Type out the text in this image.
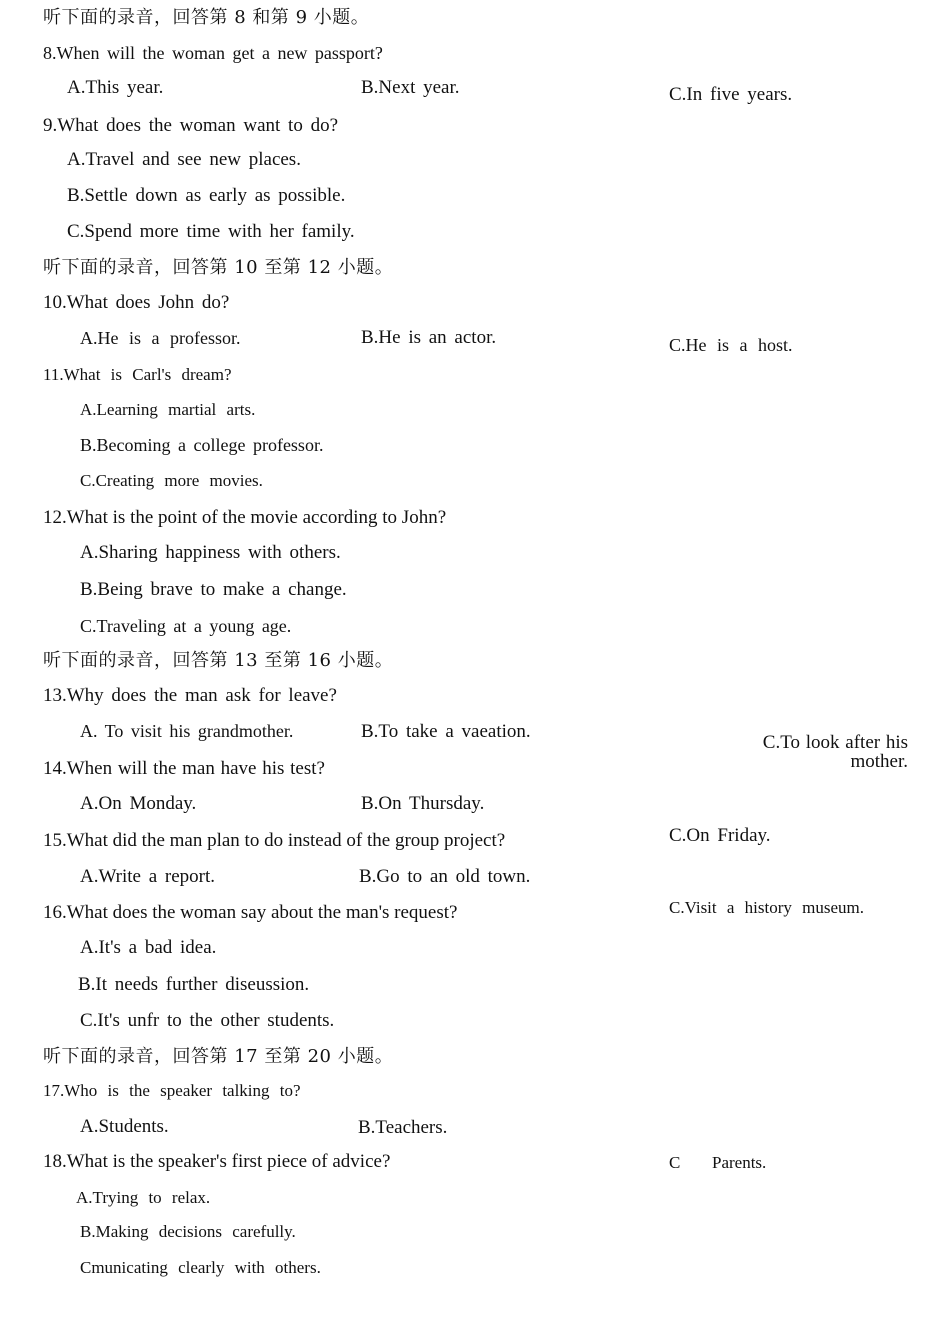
听下面的录音，回答第 8 和第 9 小题。
8.When will the woman get a new passport?
A.This year.	B.Next year.	C.In five years.
9.What does the woman want to do?
A.Travel and see new places.
B.Settle down as early as possible.
C.Spend more time with her family.
听下面的录音，回答第 10 至第 12 小题。
10.What does John do?
A.He is a professor.	B.He is an actor.	C.He is a host.
11.What is Carl's dream?
A.Learning martial arts.
B.Becoming a college professor.
C.Creating more movies.
12.What is the point of the movie according to John?
A.Sharing happiness with others.
B.Being brave to make a change.
C.Traveling at a young age.
听下面的录音，回答第 13 至第 16 小题。
13.Why does the man ask for leave?
A. To visit his grandmother.	B.To take a vaeation.
C.To look after his
mother.
14.When will the man have his test?
A.On Monday.	B.On Thursday.
C.On Friday.
15.What did the man plan to do instead of the group project?
A.Write a report.	B.Go to an old town.
C.Visit a history museum.
16.What does the woman say about the man's request?
A.It's a bad idea.
B.It needs further diseussion.
C.It's unfr to the other students.
听下面的录音，回答第 17 至第 20 小题。
17.Who is the speaker talking to?
A.Students.	B.Teachers.
C Parents.
18.What is the speaker's first piece of advice?
A.Trying to relax.
B.Making decisions carefully.
Cmunicating clearly with others.
